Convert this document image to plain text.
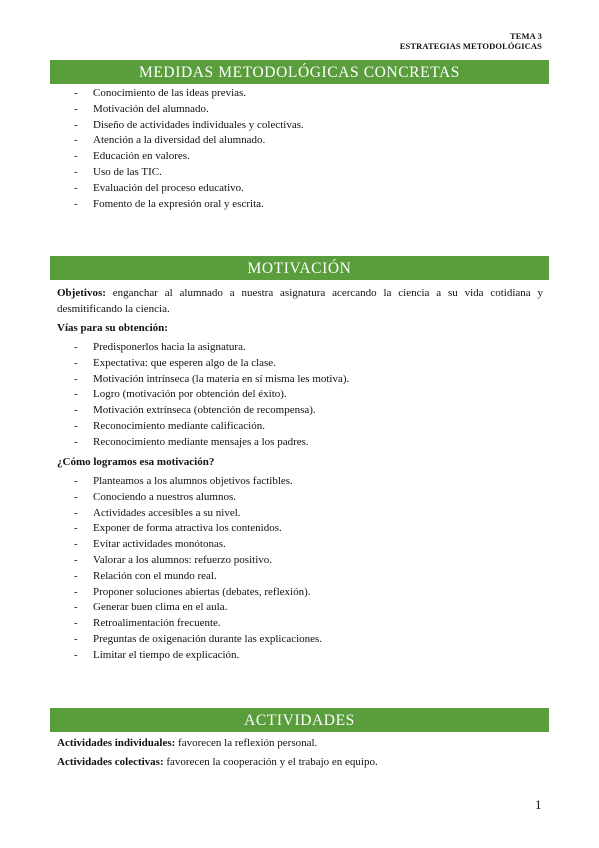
TEMA 3
ESTRATEGIAS METODOLÓGICAS
MEDIDAS METODOLÓGICAS CONCRETAS
- Conocimiento de las ideas previas.
- Motivación del alumnado.
- Diseño de actividades individuales y colectivas.
- Atención a la diversidad del alumnado.
- Educación en valores.
- Uso de las TIC.
- Evaluación del proceso educativo.
- Fomento de la expresión oral y escrita.
MOTIVACIÓN
Objetivos: enganchar al alumnado a nuestra asignatura acercando la ciencia a su vida cotidiana y desmitificando la ciencia.
Vías para su obtención:
- Predisponerlos hacia la asignatura.
- Expectativa: que esperen algo de la clase.
- Motivación intrínseca (la materia en sí misma les motiva).
- Logro (motivación por obtención del éxito).
- Motivación extrínseca (obtención de recompensa).
- Reconocimiento mediante calificación.
- Reconocimiento mediante mensajes a los padres.
¿Cómo logramos esa motivación?
- Planteamos a los alumnos objetivos factibles.
- Conociendo a nuestros alumnos.
- Actividades accesibles a su nivel.
- Exponer de forma atractiva los contenidos.
- Evitar actividades monótonas.
- Valorar a los alumnos: refuerzo positivo.
- Relación con el mundo real.
- Proponer soluciones abiertas (debates, reflexión).
- Generar buen clima en el aula.
- Retroalimentación frecuente.
- Preguntas de oxigenación durante las explicaciones.
- Limitar el tiempo de explicación.
ACTIVIDADES
Actividades individuales: favorecen la reflexión personal.
Actividades colectivas: favorecen la cooperación y el trabajo en equipo.
1
